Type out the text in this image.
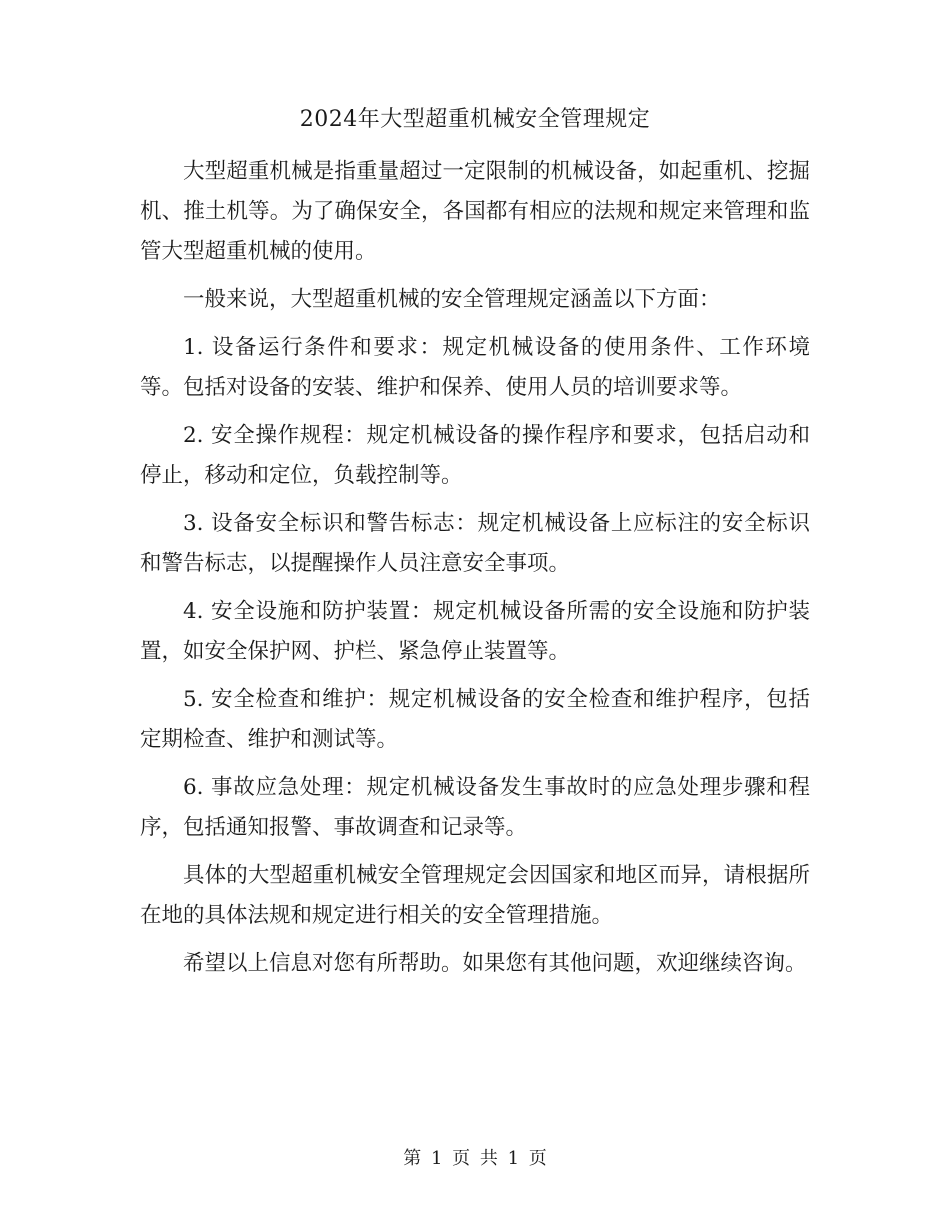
2024年大型超重机械安全管理规定

大型超重机械是指重量超过一定限制的机械设备，如起重机、挖掘机、推土机等。为了确保安全，各国都有相应的法规和规定来管理和监管大型超重机械的使用。

一般来说，大型超重机械的安全管理规定涵盖以下方面：

1. 设备运行条件和要求：规定机械设备的使用条件、工作环境等。包括对设备的安装、维护和保养、使用人员的培训要求等。

2. 安全操作规程：规定机械设备的操作程序和要求，包括启动和停止，移动和定位，负载控制等。

3. 设备安全标识和警告标志：规定机械设备上应标注的安全标识和警告标志，以提醒操作人员注意安全事项。

4. 安全设施和防护装置：规定机械设备所需的安全设施和防护装置，如安全保护网、护栏、紧急停止装置等。

5. 安全检查和维护：规定机械设备的安全检查和维护程序，包括定期检查、维护和测试等。

6. 事故应急处理：规定机械设备发生事故时的应急处理步骤和程序，包括通知报警、事故调查和记录等。

具体的大型超重机械安全管理规定会因国家和地区而异，请根据所在地的具体法规和规定进行相关的安全管理措施。

希望以上信息对您有所帮助。如果您有其他问题，欢迎继续咨询。

第 1 页 共 1 页
